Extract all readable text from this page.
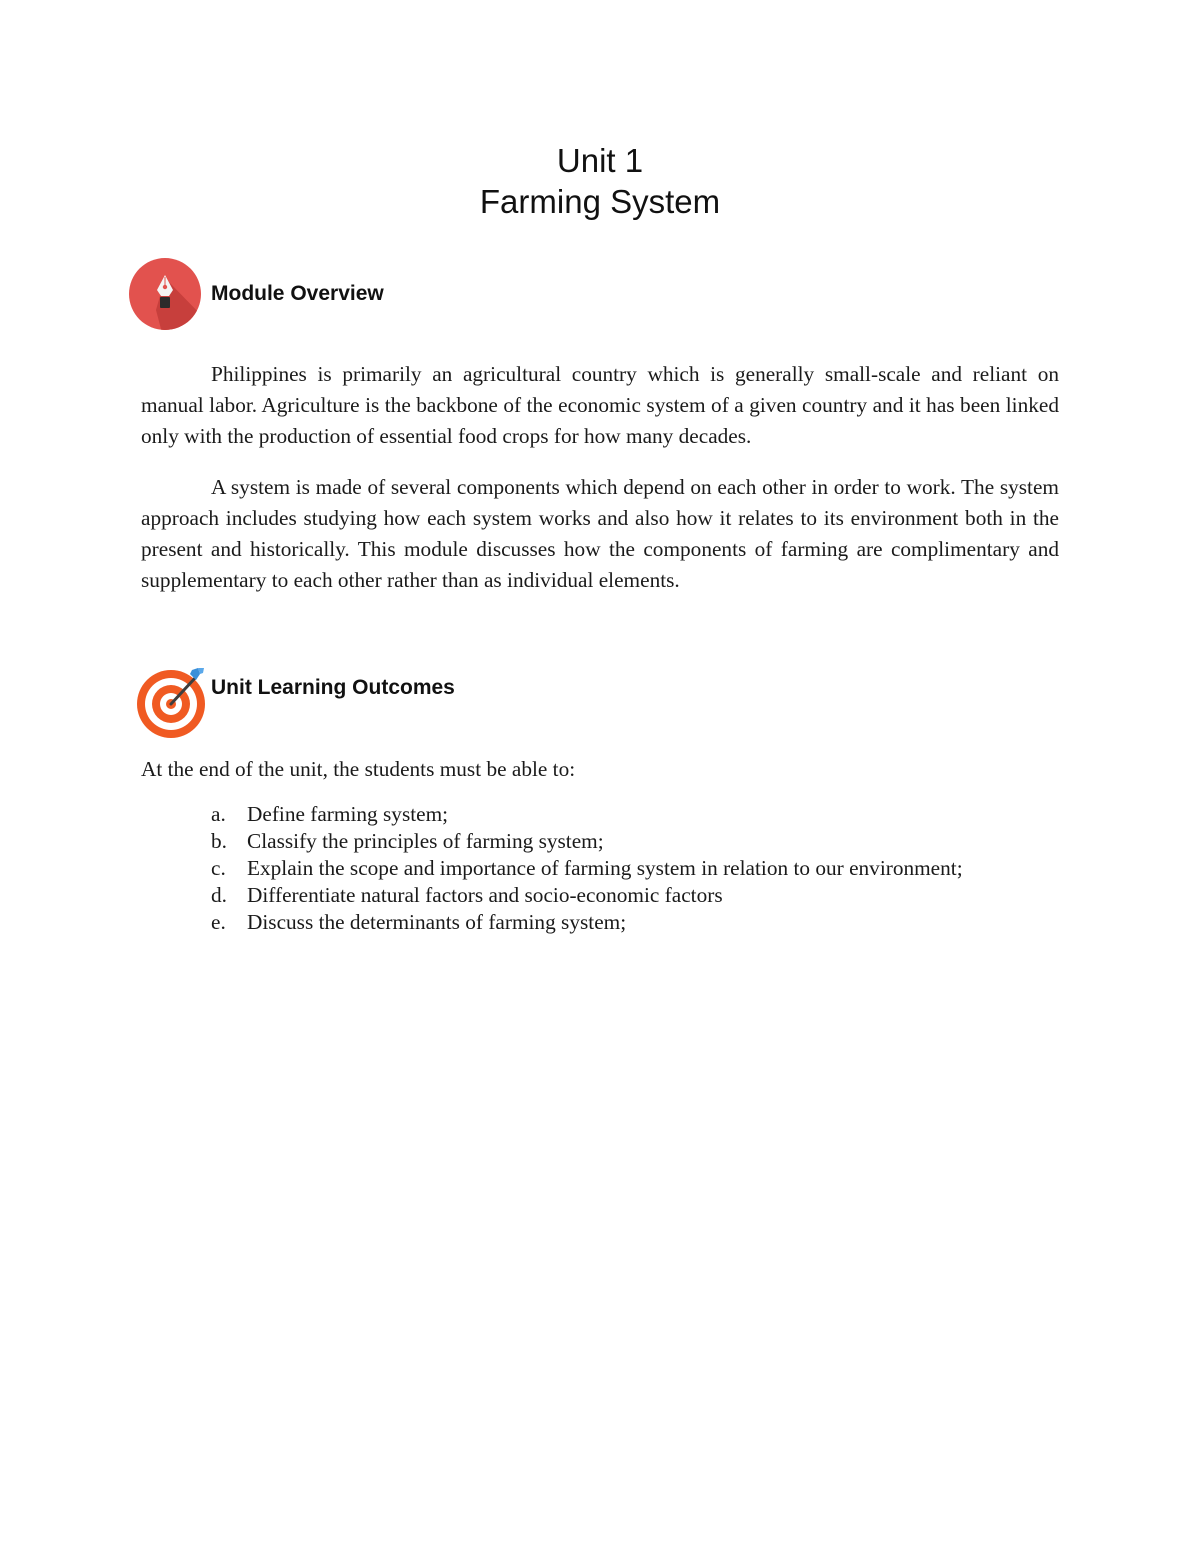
Unit 1
Farming System
Module Overview

Philippines is primarily an agricultural country which is generally small-scale and reliant on manual labor. Agriculture is the backbone of the economic system of a given country and it has been linked only with the production of essential food crops for how many decades.

A system is made of several components which depend on each other in order to work. The system approach includes studying how each system works and also how it relates to its environment both in the present and historically. This module discusses how the components of farming are complimentary and supplementary to each other rather than as individual elements.

Unit Learning Outcomes

At the end of the unit, the students must be able to:

a. Define farming system;
b. Classify the principles of farming system;
c. Explain the scope and importance of farming system in relation to our environment;
d. Differentiate natural factors and socio-economic factors
e. Discuss the determinants of farming system;
